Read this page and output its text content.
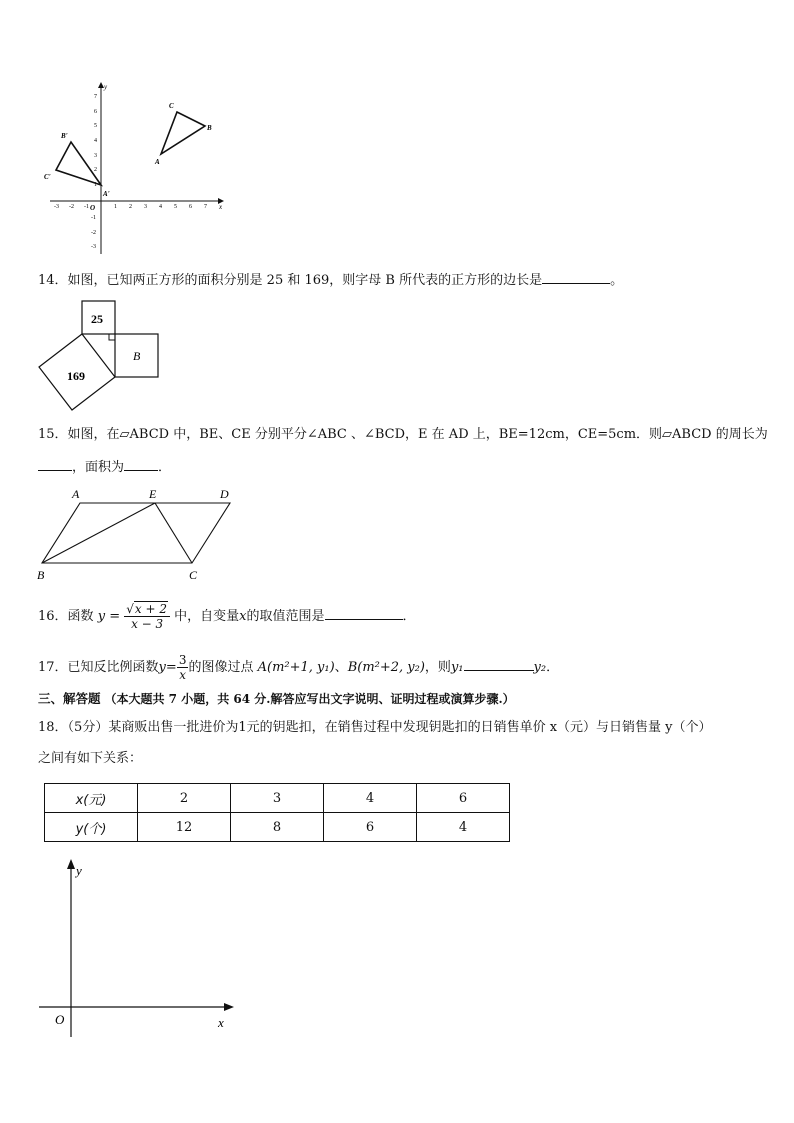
x
y
O
-3 -2 -1	1 2 3 4 5 6 7
7
6
5
4
3
2
1
-1
-2
-3
A
C
B
A'
B'
C'
14．如图，已知两正方形的面积分别是 25 和 169，则字母 B 所代表的正方形的边长是	。
25
169
B
15．如图，在▱ABCD 中，BE、CE 分别平分∠ABC 、∠BCD，E 在 AD 上，BE=12cm，CE=5cm．则▱ABCD 的周长为
，面积为	．
A	E	D
B	C
16．函数 $y = \frac{√x + 2}{x - 3}$ 中，自变量x的取值范围是	．
17．已知反比例函数$y= \frac{3}{x}$ 的图像过点 A(m²+1, y₁)、B(m²+2, y₂)，则y₁	y₂．
三、解答题 （本大题共 7 小题，共 64 分.解答应写出文字说明、证明过程或演算步骤.）
18．（5分）某商贩出售一批进价为1元的钥匙扣，在销售过程中发现钥匙扣的日销售单价 x（元）与日销售量 y（个）
之间有如下关系：
x(元)	2	3	4	6
y(个)	12	8	6	4
y
x
O
